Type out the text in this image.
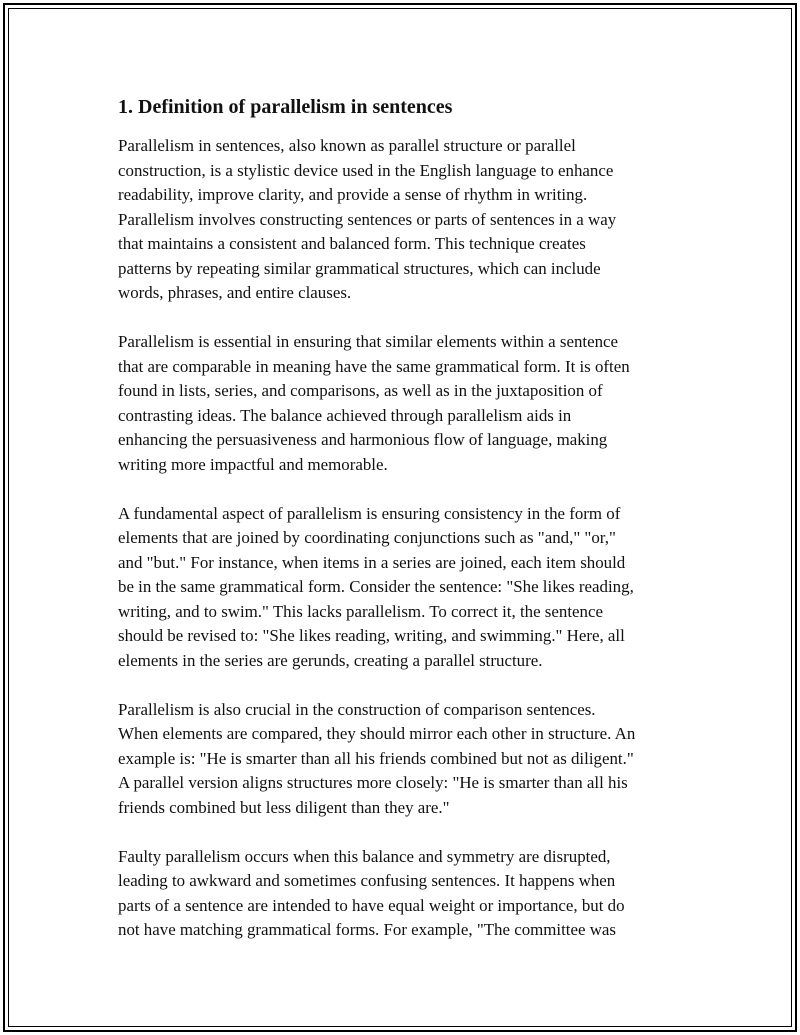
1. Definition of parallelism in sentences

Parallelism in sentences, also known as parallel structure or parallel
construction, is a stylistic device used in the English language to enhance
readability, improve clarity, and provide a sense of rhythm in writing.
Parallelism involves constructing sentences or parts of sentences in a way
that maintains a consistent and balanced form. This technique creates
patterns by repeating similar grammatical structures, which can include
words, phrases, and entire clauses.

Parallelism is essential in ensuring that similar elements within a sentence
that are comparable in meaning have the same grammatical form. It is often
found in lists, series, and comparisons, as well as in the juxtaposition of
contrasting ideas. The balance achieved through parallelism aids in
enhancing the persuasiveness and harmonious flow of language, making
writing more impactful and memorable.

A fundamental aspect of parallelism is ensuring consistency in the form of
elements that are joined by coordinating conjunctions such as "and," "or,"
and "but." For instance, when items in a series are joined, each item should
be in the same grammatical form. Consider the sentence: "She likes reading,
writing, and to swim." This lacks parallelism. To correct it, the sentence
should be revised to: "She likes reading, writing, and swimming." Here, all
elements in the series are gerunds, creating a parallel structure.

Parallelism is also crucial in the construction of comparison sentences.
When elements are compared, they should mirror each other in structure. An
example is: "He is smarter than all his friends combined but not as diligent."
A parallel version aligns structures more closely: "He is smarter than all his
friends combined but less diligent than they are."

Faulty parallelism occurs when this balance and symmetry are disrupted,
leading to awkward and sometimes confusing sentences. It happens when
parts of a sentence are intended to have equal weight or importance, but do
not have matching grammatical forms. For example, "The committee was
